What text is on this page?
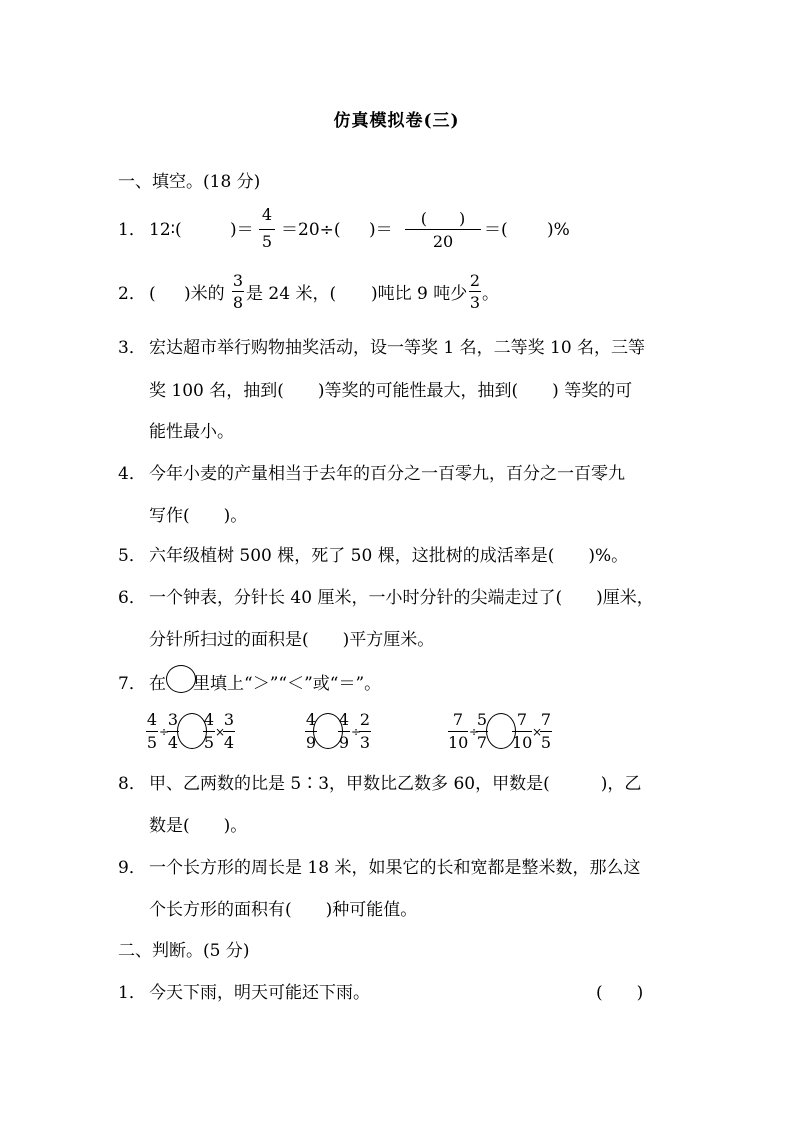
仿真模拟卷(三)
一、填空。(18 分)
1． 12∶(	)＝
4
5
＝20÷( )＝
(　　)
20
＝( )%
2． ( )米的
3
8 是 24 米，( )吨比 9 吨少
2
3 。
3． 宏达超市举行购物抽奖活动，设一等奖 1 名，二等奖 10 名，三等
奖 100 名，抽到(　　)等奖的可能性最大，抽到(　　) 等奖的可
能性最小。
4． 今年小麦的产量相当于去年的百分之一百零九，百分之一百零九
写作(　　)。
5． 六年级植树 500 棵，死了 50 棵，这批树的成活率是(　　)%。
6． 一个钟表，分针长 40 厘米，一小时分针的尖端走过了(　　)厘米，
分针所扫过的面积是(　　)平方厘米。
7． 在 里填上“＞”“＜”或“＝”。
4
5
÷
3
4
4
5
×
3
4
4
9
4
9
÷
2
3
7
10
÷
5
7
7
10
×
7
5
8． 甲、乙两数的比是 5∶3，甲数比乙数多 60，甲数是(　　　)，乙
数是(　　)。
9． 一个长方形的周长是 18 米，如果它的长和宽都是整米数，那么这
个长方形的面积有(　　)种可能值。
二、判断。(5 分)
1． 今天下雨，明天可能还下雨。	(　　)
